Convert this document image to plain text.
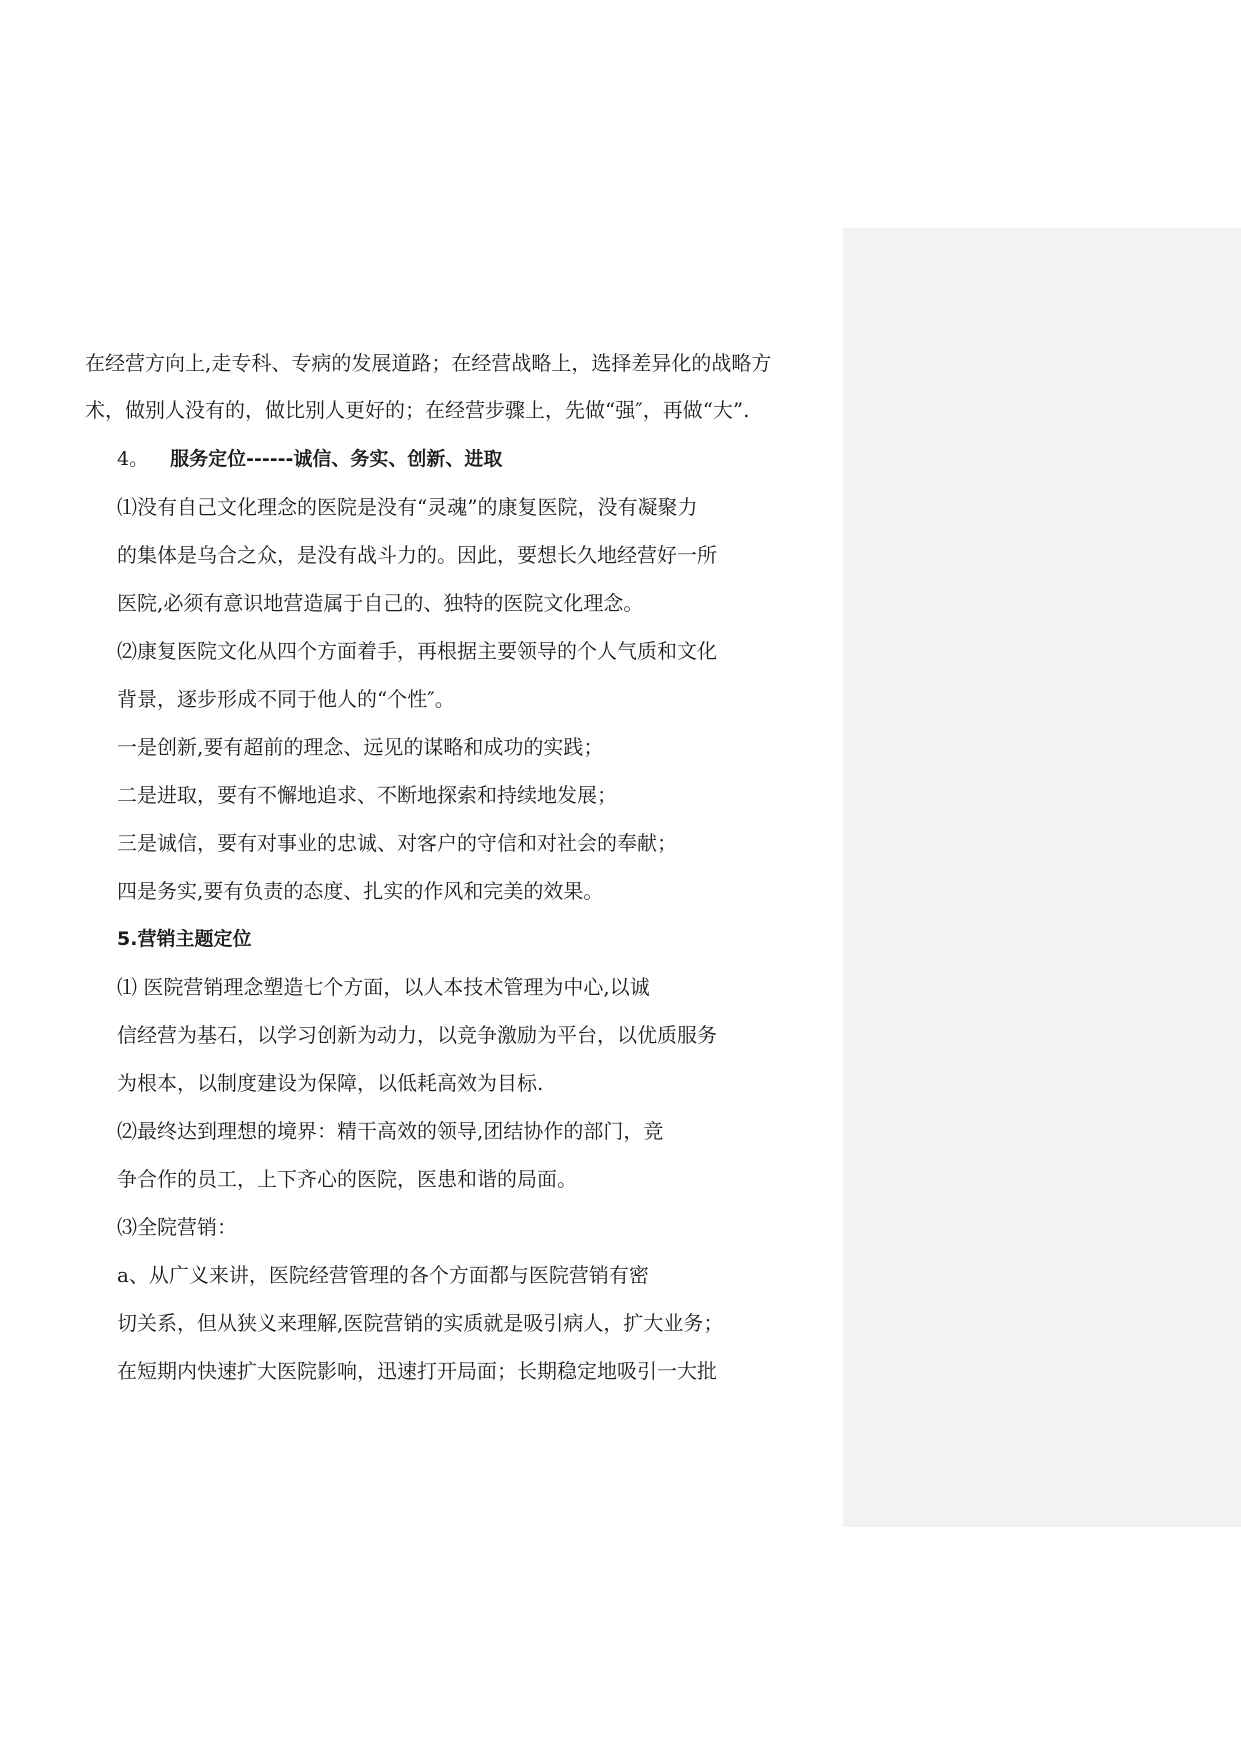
在经营方向上,走专科、专病的发展道路；在经营战略上，选择差异化的战略方
术，做别人没有的，做比别人更好的；在经营步骤上，先做“强″，再做“大”.
4。 服务定位------诚信、务实、创新、进取
⑴没有自己文化理念的医院是没有“灵魂”的康复医院，没有凝聚力
的集体是乌合之众，是没有战斗力的。因此，要想长久地经营好一所
医院,必须有意识地营造属于自己的、独特的医院文化理念。
⑵康复医院文化从四个方面着手，再根据主要领导的个人气质和文化
背景，逐步形成不同于他人的“个性″。
一是创新,要有超前的理念、远见的谋略和成功的实践；
二是进取，要有不懈地追求、不断地探索和持续地发展；
三是诚信，要有对事业的忠诚、对客户的守信和对社会的奉献；
四是务实,要有负责的态度、扎实的作风和完美的效果。
5.营销主题定位
⑴ 医院营销理念塑造七个方面，以人本技术管理为中心,以诚
信经营为基石，以学习创新为动力，以竞争激励为平台，以优质服务
为根本，以制度建设为保障，以低耗高效为目标.
⑵最终达到理想的境界：精干高效的领导,团结协作的部门，竞
争合作的员工，上下齐心的医院，医患和谐的局面。
⑶全院营销：
a、从广义来讲，医院经营管理的各个方面都与医院营销有密
切关系，但从狭义来理解,医院营销的实质就是吸引病人，扩大业务；
在短期内快速扩大医院影响，迅速打开局面；长期稳定地吸引一大批
